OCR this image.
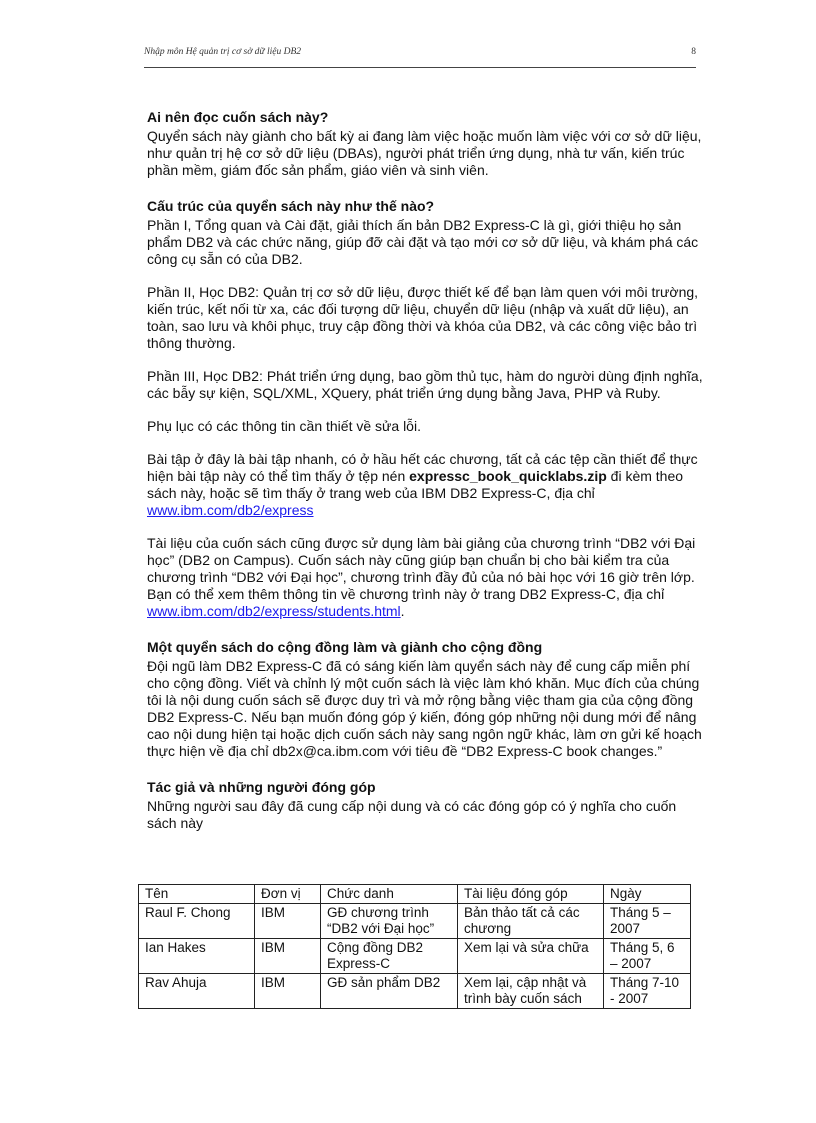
Nhập môn Hệ quản trị cơ sở dữ liệu DB2	8
Ai nên đọc cuốn sách này?

Quyển sách này giành cho bất kỳ ai đang làm việc hoặc muốn làm việc với cơ sở dữ liệu, như quản trị hệ cơ sở dữ liệu (DBAs), người phát triển ứng dụng, nhà tư vấn, kiến trúc phần mềm, giám đốc sản phẩm, giáo viên và sinh viên.

Cấu trúc của quyển sách này như thế nào?

Phần I, Tổng quan và Cài đặt, giải thích ấn bản DB2 Express-C là gì, giới thiệu họ sản phẩm DB2 và các chức năng, giúp đỡ cài đặt và tạo mới cơ sở dữ liệu, và khám phá các công cụ sẵn có của DB2.

Phần II, Học DB2: Quản trị cơ sở dữ liệu, được thiết kế để bạn làm quen với môi trường, kiến trúc, kết nối từ xa, các đối tượng dữ liệu, chuyển dữ liệu (nhập và xuất dữ liệu), an toàn, sao lưu và khôi phục, truy cập đồng thời và khóa của DB2, và các công việc bảo trì thông thường.

Phần III, Học DB2: Phát triển ứng dụng, bao gồm thủ tục, hàm do người dùng định nghĩa, các bẫy sự kiện, SQL/XML, XQuery, phát triển ứng dụng bằng Java, PHP và Ruby.

Phụ lục có các thông tin cần thiết về sửa lỗi.

Bài tập ở đây là bài tập nhanh, có ở hầu hết các chương, tất cả các tệp cần thiết để thực hiện bài tập này có thể tìm thấy ở tệp nén expressc_book_quicklabs.zip đi kèm theo sách này, hoặc sẽ tìm thấy ở trang web của IBM DB2 Express-C, địa chỉ www.ibm.com/db2/express

Tài liệu của cuốn sách cũng được sử dụng làm bài giảng của chương trình “DB2 với Đại học” (DB2 on Campus). Cuốn sách này cũng giúp bạn chuẩn bị cho bài kiểm tra của chương trình “DB2 với Đại học”, chương trình đầy đủ của nó bài học với 16 giờ trên lớp. Bạn có thể xem thêm thông tin về chương trình này ở trang DB2 Express-C, địa chỉ www.ibm.com/db2/express/students.html.

Một quyển sách do cộng đồng làm và giành cho cộng đồng

Đội ngũ làm DB2 Express-C đã có sáng kiến làm quyển sách này để cung cấp miễn phí cho cộng đồng. Viết và chỉnh lý một cuốn sách là việc làm khó khăn. Mục đích của chúng tôi là nội dung cuốn sách sẽ được duy trì và mở rộng bằng việc tham gia của cộng đồng DB2 Express-C. Nếu bạn muốn đóng góp ý kiến, đóng góp những nội dung mới để nâng cao nội dung hiện tại hoặc dịch cuốn sách này sang ngôn ngữ khác, làm ơn gửi kế hoạch thực hiện về địa chỉ db2x@ca.ibm.com với tiêu đề “DB2 Express-C book changes.”

Tác giả và những người đóng góp

Những người sau đây đã cung cấp nội dung và có các đóng góp có ý nghĩa cho cuốn sách này

Tên	Đơn vị	Chức danh	Tài liệu đóng góp	Ngày
Raul F. Chong	IBM	GĐ chương trình “DB2 với Đại học”	Bản thảo tất cả các chương	Tháng 5 – 2007
Ian Hakes	IBM	Cộng đồng DB2 Express-C	Xem lại và sửa chữa	Tháng 5, 6 – 2007
Rav Ahuja	IBM	GĐ sản phẩm DB2	Xem lại, cập nhật và trình bày cuốn sách	Tháng 7-10 - 2007
